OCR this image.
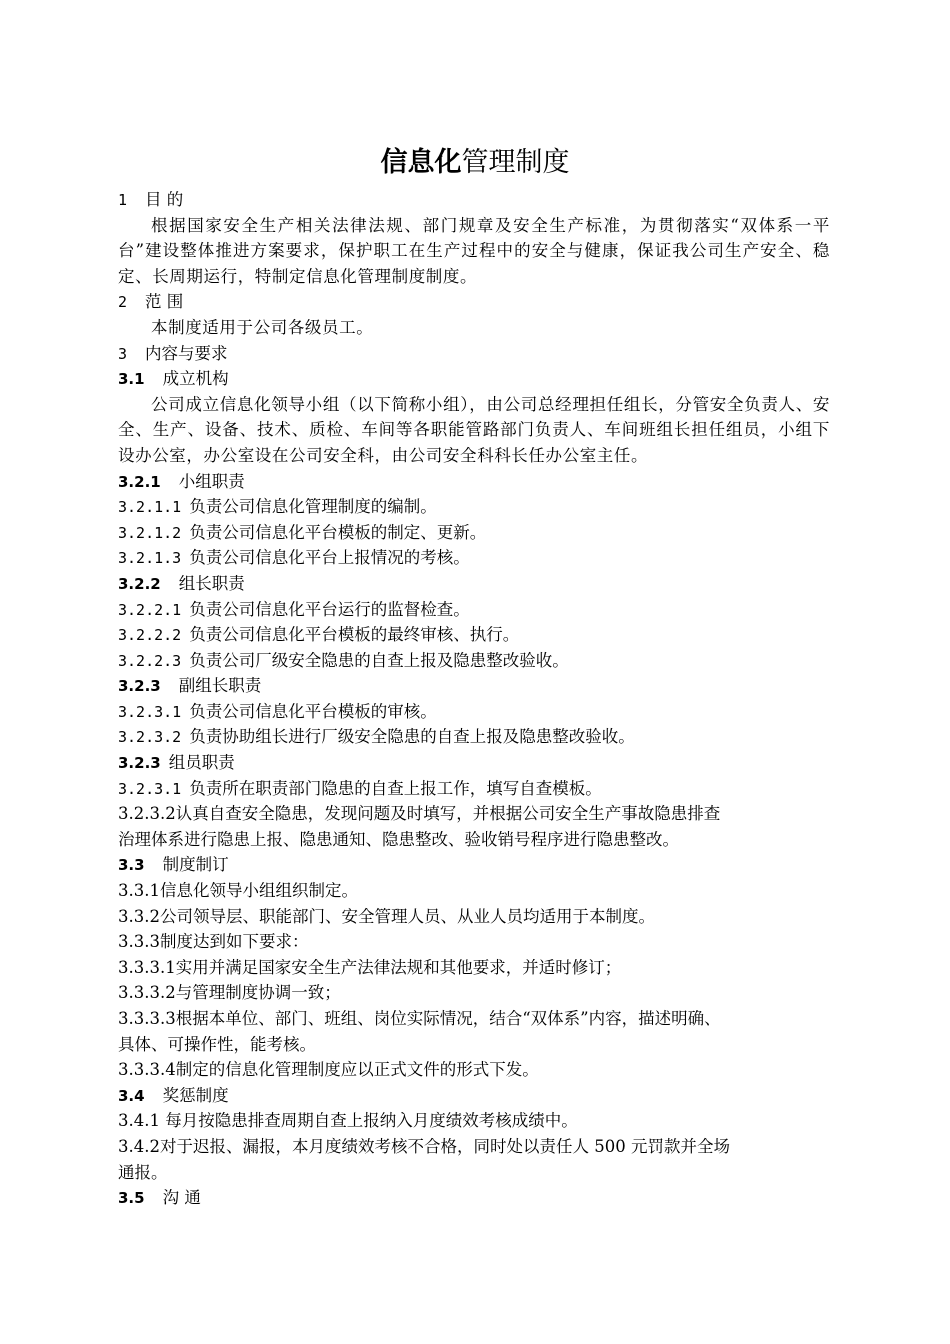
信息化管理制度
1 目 的
根据国家安全生产相关法律法规、部门规章及安全生产标准，为贯彻落实“双体系一平台”建设整体推进方案要求，保护职工在生产过程中的安全与健康，保证我公司生产安全、稳定、长周期运行，特制定信息化管理制度制度。
2 范 围
本制度适用于公司各级员工。
3 内容与要求
3.1 成立机构
公司成立信息化领导小组（以下简称小组），由公司总经理担任组长，分管安全负责人、安全、生产、设备、技术、质检、车间等各职能管路部门负责人、车间班组长担任组员，小组下设办公室，办公室设在公司安全科，由公司安全科科长任办公室主任。
3.2.1 小组职责
3.2.1.1 负责公司信息化管理制度的编制。
3.2.1.2 负责公司信息化平台模板的制定、更新。
3.2.1.3 负责公司信息化平台上报情况的考核。
3.2.2 组长职责
3.2.2.1 负责公司信息化平台运行的监督检查。
3.2.2.2 负责公司信息化平台模板的最终审核、执行。
3.2.2.3 负责公司厂级安全隐患的自查上报及隐患整改验收。
3.2.3 副组长职责
3.2.3.1 负责公司信息化平台模板的审核。
3.2.3.2 负责协助组长进行厂级安全隐患的自查上报及隐患整改验收。
3.2.3 组员职责
3.2.3.1 负责所在职责部门隐患的自查上报工作，填写自查模板。
3.2.3.2认真自查安全隐患，发现问题及时填写，并根据公司安全生产事故隐患排查
治理体系进行隐患上报、隐患通知、隐患整改、验收销号程序进行隐患整改。
3.3 制度制订
3.3.1信息化领导小组组织制定。
3.3.2公司领导层、职能部门、安全管理人员、从业人员均适用于本制度。
3.3.3制度达到如下要求：
3.3.3.1实用并满足国家安全生产法律法规和其他要求，并适时修订；
3.3.3.2与管理制度协调一致；
3.3.3.3根据本单位、部门、班组、岗位实际情况，结合“双体系”内容，描述明确、
具体、可操作性，能考核。
3.3.3.4制定的信息化管理制度应以正式文件的形式下发。
3.4 奖惩制度
3.4.1 每月按隐患排查周期自查上报纳入月度绩效考核成绩中。
3.4.2对于迟报、漏报，本月度绩效考核不合格，同时处以责任人 500 元罚款并全场
通报。
3.5 沟 通
